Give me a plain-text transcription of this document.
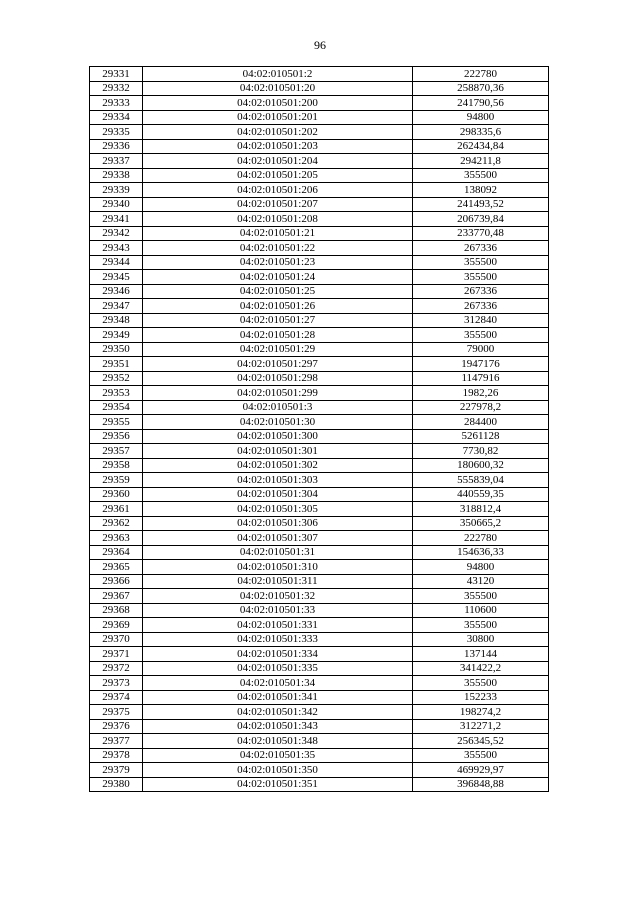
96
29331	04:02:010501:2	222780
29332	04:02:010501:20	258870,36
29333	04:02:010501:200	241790,56
29334	04:02:010501:201	94800
29335	04:02:010501:202	298335,6
29336	04:02:010501:203	262434,84
29337	04:02:010501:204	294211,8
29338	04:02:010501:205	355500
29339	04:02:010501:206	138092
29340	04:02:010501:207	241493,52
29341	04:02:010501:208	206739,84
29342	04:02:010501:21	233770,48
29343	04:02:010501:22	267336
29344	04:02:010501:23	355500
29345	04:02:010501:24	355500
29346	04:02:010501:25	267336
29347	04:02:010501:26	267336
29348	04:02:010501:27	312840
29349	04:02:010501:28	355500
29350	04:02:010501:29	79000
29351	04:02:010501:297	1947176
29352	04:02:010501:298	1147916
29353	04:02:010501:299	1982,26
29354	04:02:010501:3	227978,2
29355	04:02:010501:30	284400
29356	04:02:010501:300	5261128
29357	04:02:010501:301	7730,82
29358	04:02:010501:302	180600,32
29359	04:02:010501:303	555839,04
29360	04:02:010501:304	440559,35
29361	04:02:010501:305	318812,4
29362	04:02:010501:306	350665,2
29363	04:02:010501:307	222780
29364	04:02:010501:31	154636,33
29365	04:02:010501:310	94800
29366	04:02:010501:311	43120
29367	04:02:010501:32	355500
29368	04:02:010501:33	110600
29369	04:02:010501:331	355500
29370	04:02:010501:333	30800
29371	04:02:010501:334	137144
29372	04:02:010501:335	341422,2
29373	04:02:010501:34	355500
29374	04:02:010501:341	152233
29375	04:02:010501:342	198274,2
29376	04:02:010501:343	312271,2
29377	04:02:010501:348	256345,52
29378	04:02:010501:35	355500
29379	04:02:010501:350	469929,97
29380	04:02:010501:351	396848,88
